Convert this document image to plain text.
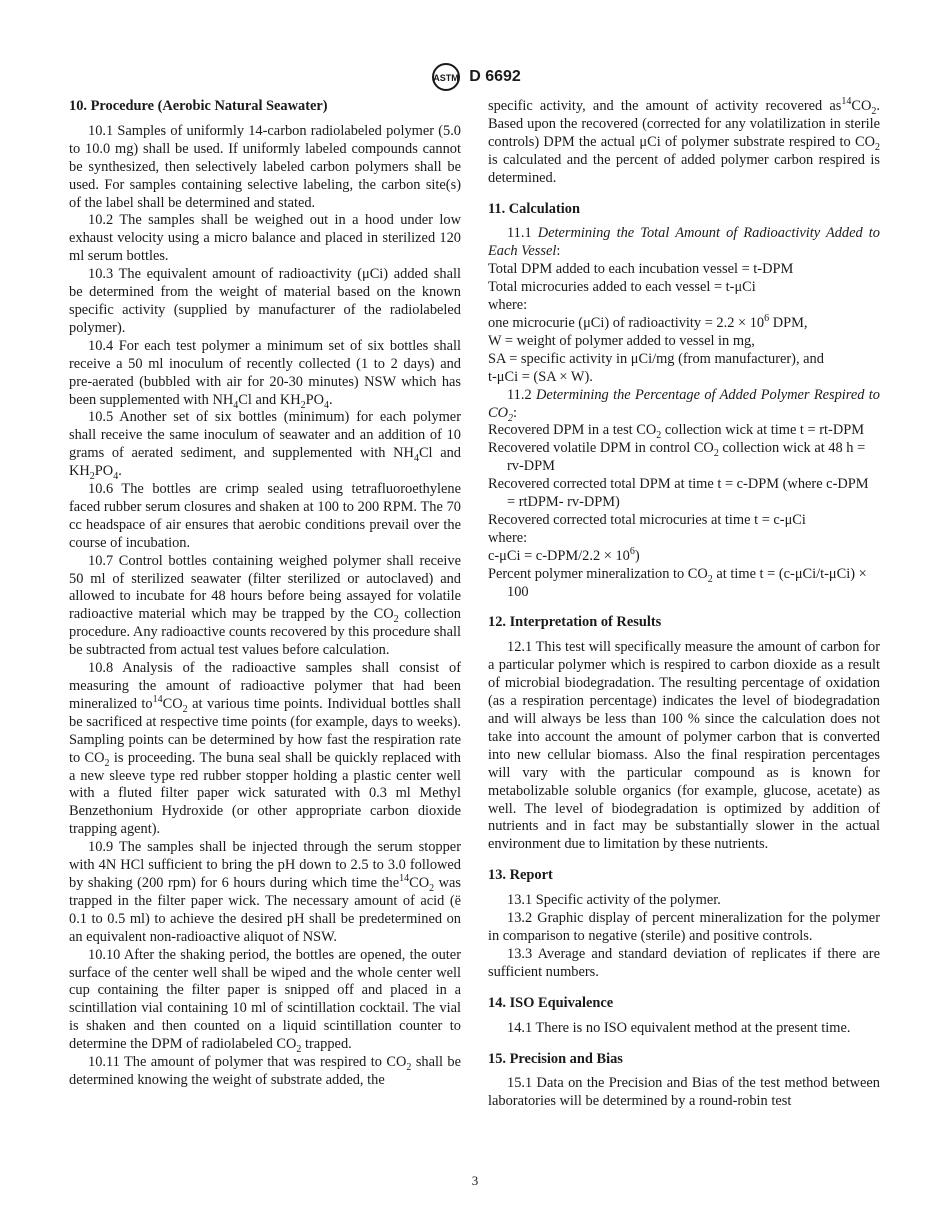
ASTM D 6692
10. Procedure (Aerobic Natural Seawater)

10.1 Samples of uniformly 14-carbon radiolabeled polymer (5.0 to 10.0 mg) shall be used. If uniformly labeled compounds cannot be synthesized, then selectively labeled carbon polymers shall be used. For samples containing selective labeling, the carbon site(s) of the label shall be determined and stated.

10.2 The samples shall be weighed out in a hood under low exhaust velocity using a micro balance and placed in sterilized 120 ml serum bottles.

10.3 The equivalent amount of radioactivity (μCi) added shall be determined from the weight of material based on the known specific activity (supplied by manufacturer of the radiolabeled polymer).

10.4 For each test polymer a minimum set of six bottles shall receive a 50 ml inoculum of recently collected (1 to 2 days) and pre-aerated (bubbled with air for 20-30 minutes) NSW which has been supplemented with $NH_4Cl$ and $KH_2PO_4$.

10.5 Another set of six bottles (minimum) for each polymer shall receive the same inoculum of seawater and an addition of 10 grams of aerated sediment, and supplemented with $NH_4Cl$ and $KH_2PO_4$.

10.6 The bottles are crimp sealed using tetrafluoroethylene faced rubber serum closures and shaken at 100 to 200 RPM. The 70 cc headspace of air ensures that aerobic conditions prevail over the course of incubation.

10.7 Control bottles containing weighed polymer shall receive 50 ml of sterilized seawater (filter sterilized or autoclaved) and allowed to incubate for 48 hours before being assayed for volatile radioactive material which may be trapped by the $CO_2$ collection procedure. Any radioactive counts recovered by this procedure shall be subtracted from actual test values before calculation.

10.8 Analysis of the radioactive samples shall consist of measuring the amount of radioactive polymer that had been mineralized $to^{14}CO_2$ at various time points. Individual bottles shall be sacrificed at respective time points (for example, days to weeks). Sampling points can be determined by how fast the respiration rate to $CO_2$ is proceeding. The buna seal shall be quickly replaced with a new sleeve type red rubber stopper holding a plastic center well with a fluted filter paper wick saturated with 0.3 ml Methyl Benzethonium Hydroxide (or other appropriate carbon dioxide trapping agent).

10.9 The samples shall be injected through the serum stopper with 4N HCl sufficient to bring the pH down to 2.5 to 3.0 followed by shaking (200 rpm) for 6 hours during which time $the^{14}CO_2$ was trapped in the filter paper wick. The necessary amount of acid (ë 0.1 to 0.5 ml) to achieve the desired pH shall be predetermined on an equivalent non-radioactive aliquot of NSW.

10.10 After the shaking period, the bottles are opened, the outer surface of the center well shall be wiped and the whole center well cup containing the filter paper is snipped off and placed in a scintillation vial containing 10 ml of scintillation cocktail. The vial is shaken and then counted on a liquid scintillation counter to determine the DPM of radiolabeled $CO_2$ trapped.

10.11 The amount of polymer that was respired to $CO_2$ shall be determined knowing the weight of substrate added, the

specific activity, and the amount of activity recovered $as^{14}CO_2$. Based upon the recovered (corrected for any volatilization in sterile controls) DPM the actual μCi of polymer substrate respired to $CO_2$ is calculated and the percent of added polymer carbon respired is determined.

11. Calculation

11.1 Determining the Total Amount of Radioactivity Added to Each Vessel:

Total DPM added to each incubation vessel = t-DPM

Total microcuries added to each vessel = t-μCi

where:

one microcurie (μCi) of radioactivity = $2.2 \times 10^6$ DPM,

W = weight of polymer added to vessel in mg,

SA = specific activity in μCi/mg (from manufacturer), and

t-μCi = (SA × W).

11.2 Determining the Percentage of Added Polymer Respired to $CO_2$:

Recovered DPM in a test $CO_2$ collection wick at time t = rt-DPM

Recovered volatile DPM in control $CO_2$ collection wick at 48 h = rv-DPM

Recovered corrected total DPM at time t = c-DPM (where c-DPM = rtDPM- rv-DPM)

Recovered corrected total microcuries at time t = c-μCi

where:

$c-\mu Ci = c-DPM/2.2 \times 10^6$)

Percent polymer mineralization to $CO_2$ at time t = (c-μCi/t-μCi) × 100

12. Interpretation of Results

12.1 This test will specifically measure the amount of carbon for a particular polymer which is respired to carbon dioxide as a result of microbial biodegradation. The resulting percentage of oxidation (as a respiration percentage) indicates the level of biodegradation and will always be less than 100 % since the calculation does not take into account the amount of polymer carbon that is converted into new cellular biomass. Also the final respiration percentages will vary with the particular compound as is known for metabolizable soluble organics (for example, glucose, acetate) as well. The level of biodegradation is optimized by addition of nutrients and in fact may be substantially slower in the actual environment due to limitation by these nutrients.

13. Report

13.1 Specific activity of the polymer.

13.2 Graphic display of percent mineralization for the polymer in comparison to negative (sterile) and positive controls.

13.3 Average and standard deviation of replicates if there are sufficient numbers.

14. ISO Equivalence

14.1 There is no ISO equivalent method at the present time.

15. Precision and Bias

15.1 Data on the Precision and Bias of the test method between laboratories will be determined by a round-robin test

3
